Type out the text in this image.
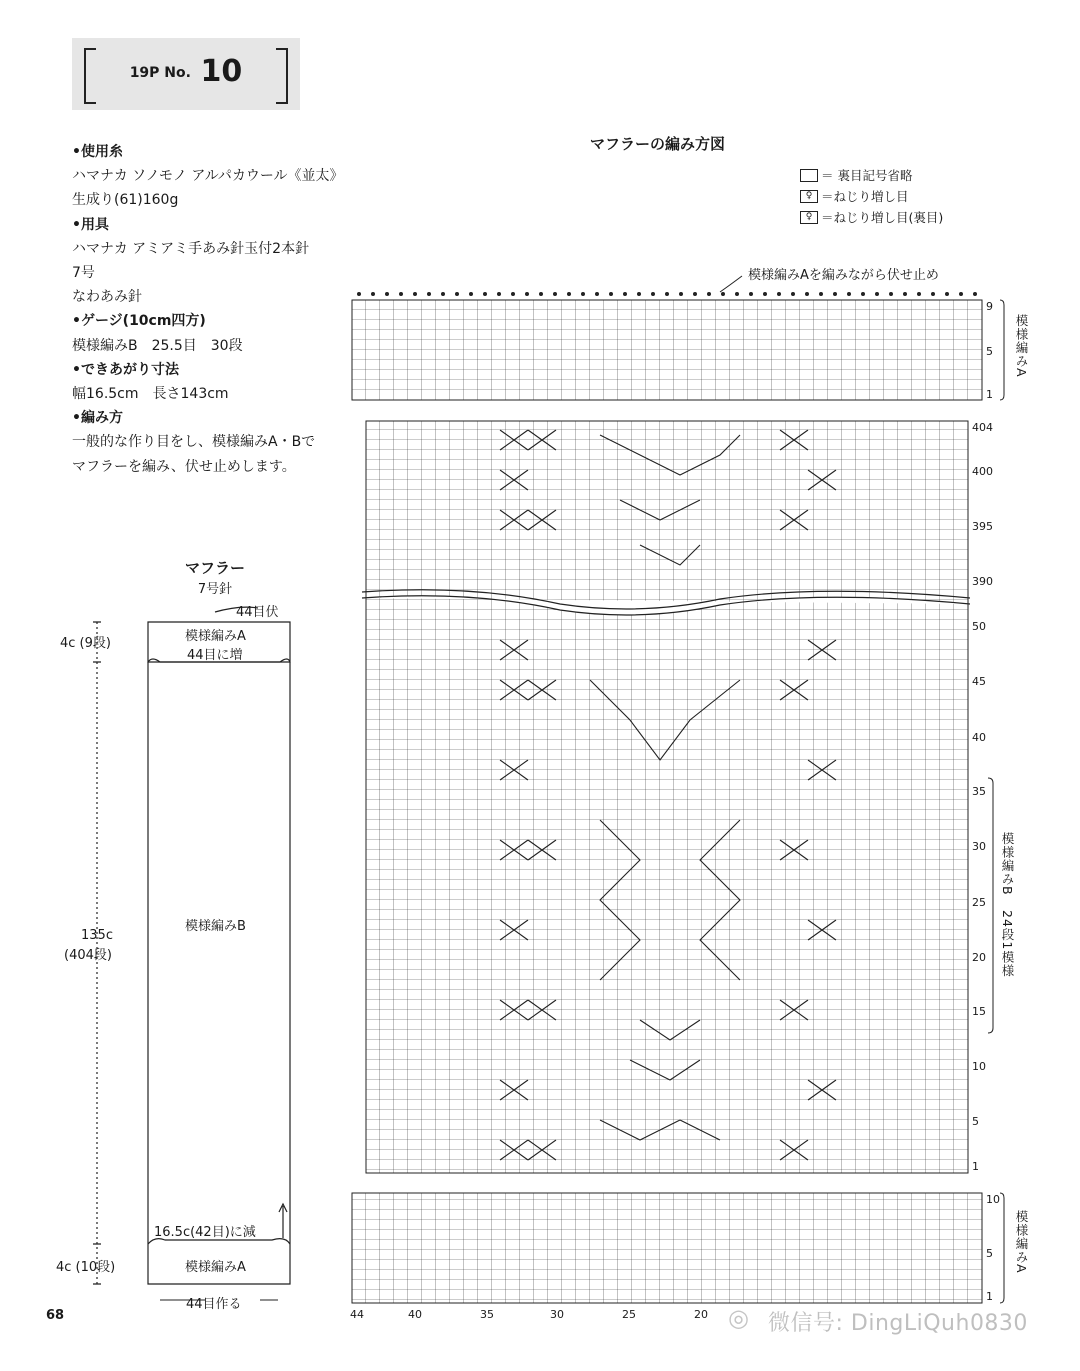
19P No. 10
•使用糸
ハマナカ ソノモノ アルパカウール《並太》
生成り(61)160g
•用具
ハマナカ アミアミ手あみ針玉付2本針
7号
なわあみ針
•ゲージ(10cm四方)
模様編みB　25.5目　30段
•できあがり寸法
幅16.5cm　長さ143cm
•編み方
一般的な作り目をし、模様編みA・Bで
マフラーを編み、伏せ止めします。
マフラーの編み方図
＝ 裏目記号省略
♀ ＝ねじり増し目
♀ ＝ねじり増し目(裏目)
模様編みAを編みながら伏せ止め
マフラー
7号針
44目伏
模様編みA
44目に増
4c (9段)
模様編みB
135c
(404段)
16.5c(42目)に減
模様編みA
4c (10段)
44目作る
9
5
1
模様編みA
404
400
395
390
50
45
40
35
30
25
20
15
10
5
1
模様編みB
24段1模様
10
5
1
模様編みA
44	40	35	30	25	20
68	◎ 微信号: DingLiQuh0830
